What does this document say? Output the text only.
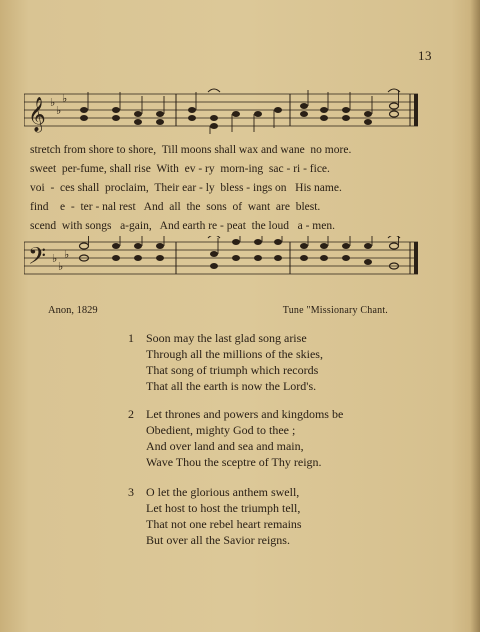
13
𝄞 ♭
♭
♭
stretch from shore to shore,  Till moons shall wax and wane  no more.
sweet  per-fume, shall rise  With  ev - ry  morn-ing  sac - ri - fice.
voi  -  ces shall  proclaim,  Their ear - ly  bless - ings on   His name.
find    e  -  ter - nal rest   And  all  the  sons  of  want  are  blest.
scend  with songs   a-gain,   And earth re - peat  the loud   a - men.
𝄢 ♭
♭
♭
Anon, 1829	Tune "Missionary Chant.
1	Soon may the last glad song arise
Through all the millions of the skies,
That song of triumph which records
That all the earth is now the Lord's.
2	Let thrones and powers and kingdoms be
Obedient, mighty God to thee ;
And over land and sea and main,
Wave Thou the sceptre of Thy reign.
3	O let the glorious anthem swell,
Let host to host the triumph tell,
That not one rebel heart remains
But over all the Savior reigns.
